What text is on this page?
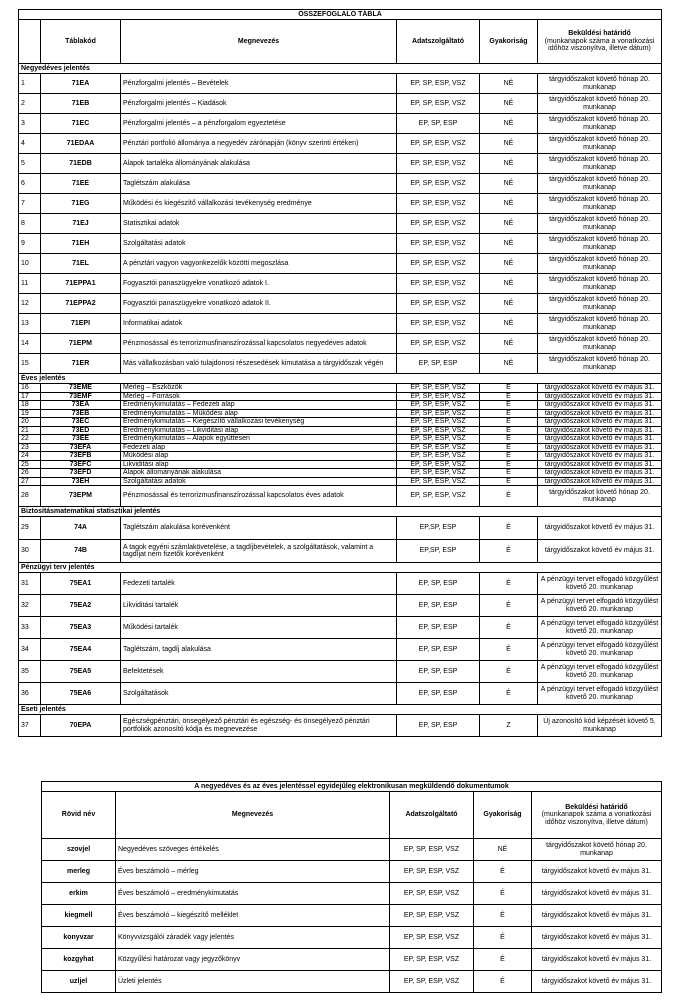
ÖSSZEFOGLALÓ TÁBLA					
	Táblakód	Megnevezés	Adatszolgáltató	Gyakoriság	Beküldési határidő
(munkanapok száma a vonatkozási időhöz viszonyítva, illetve dátum)

Negyedéves jelentés					
1	71EA	Pénzforgalmi jelentés – Bevételek	EP, SP, ESP, VSZ	NÉ	tárgyidőszakot követő hónap 20. munkanap
2	71EB	Pénzforgalmi jelentés – Kiadások	EP, SP, ESP, VSZ	NÉ	tárgyidőszakot követő hónap 20. munkanap
3	71EC	Pénzforgalmi jelentés – a pénzforgalom egyeztetése	EP, SP, ESP	NÉ	tárgyidőszakot követő hónap 20. munkanap
4	71EDAA	Pénztári portfolió állománya a negyedév zárónapján (könyv szerinti értéken)	EP, SP, ESP, VSZ	NÉ	tárgyidőszakot követő hónap 20. munkanap
5	71EDB	Alapok tartaléka állományának alakulása	EP, SP, ESP, VSZ	NÉ	tárgyidőszakot követő hónap 20. munkanap
6	71EE	Taglétszám alakulása	EP, SP, ESP, VSZ	NÉ	tárgyidőszakot követő hónap 20. munkanap
7	71EG	Működési és kiegészítő vállalkozási tevékenység eredménye	EP, SP, ESP, VSZ	NÉ	tárgyidőszakot követő hónap 20. munkanap
8	71EJ	Statisztikai adatok	EP, SP, ESP, VSZ	NÉ	tárgyidőszakot követő hónap 20. munkanap
9	71EH	Szolgáltatási adatok	EP, SP, ESP, VSZ	NÉ	tárgyidőszakot követő hónap 20. munkanap
10	71EL	A pénztári vagyon vagyonkezelők közötti megoszlása	EP, SP, ESP, VSZ	NÉ	tárgyidőszakot követő hónap 20. munkanap
11	71EPPA1	Fogyasztói panaszügyekre vonatkozó adatok I.	EP, SP, ESP, VSZ	NÉ	tárgyidőszakot követő hónap 20. munkanap
12	71EPPA2	Fogyasztói panaszügyekre vonatkozó adatok II.	EP, SP, ESP, VSZ	NÉ	tárgyidőszakot követő hónap 20. munkanap
13	71EPI	Informatikai adatok	EP, SP, ESP, VSZ	NÉ	tárgyidőszakot követő hónap 20. munkanap
14	71EPM	Pénzmosással és terrorizmusfinanszírozással kapcsolatos negyedéves adatok	EP, SP, ESP, VSZ	NÉ	tárgyidőszakot követő hónap 20. munkanap
15	71ER	Más vállalkozásban való tulajdonosi részesedések kimutatása a tárgyidőszak végén	EP, SP, ESP	NÉ	tárgyidőszakot követő hónap 20. munkanap
Éves jelentés					
16	73EME	Mérleg – Eszközök	EP, SP, ESP, VSZ	É	tárgyidőszakot követő év május 31.
17	73EMF	Mérleg – Források	EP, SP, ESP, VSZ	É	tárgyidőszakot követő év május 31.
18	73EA	Eredménykimutatás – Fedezeti alap	EP, SP, ESP, VSZ	É	tárgyidőszakot követő év május 31.
19	73EB	Eredménykimutatás – Működési alap	EP, SP, ESP, VSZ	É	tárgyidőszakot követő év május 31.
20	73EC	Eredménykimutatás – Kiegészítő vállalkozási tevékenység	EP, SP, ESP, VSZ	É	tárgyidőszakot követő év május 31.
21	73ED	Eredménykimutatás – Likviditási alap	EP, SP, ESP, VSZ	É	tárgyidőszakot követő év május 31.
22	73EE	Eredménykimutatás – Alapok együttesen	EP, SP, ESP, VSZ	É	tárgyidőszakot követő év május 31.
23	73EFA	Fedezeti alap	EP, SP, ESP, VSZ	É	tárgyidőszakot követő év május 31.
24	73EFB	Működési alap	EP, SP, ESP, VSZ	É	tárgyidőszakot követő év május 31.
25	73EFC	Likviditási alap	EP, SP, ESP, VSZ	É	tárgyidőszakot követő év május 31.
26	73EFD	Alapok állományának alakulása	EP, SP, ESP, VSZ	É	tárgyidőszakot követő év május 31.
27	73EH	Szolgáltatási adatok	EP, SP, ESP, VSZ	É	tárgyidőszakot követő év május 31.
28	73EPM	Pénzmosással és terrorizmusfinanszírozással kapcsolatos éves adatok	EP, SP, ESP, VSZ	É	tárgyidőszakot követő hónap 20. munkanap
Biztosításmatematikai statisztikai jelentés					
29	74A	Taglétszám alakulása korévenként	EP,SP, ESP	É	tárgyidőszakot követő év május 31.
30	74B	A tagok egyéni számlakövetelése, a tagdíjbevételek, a szolgáltatások, valamint a tagdíjat nem fizetők korévenként	EP,SP, ESP	É	tárgyidőszakot követő év május 31.
Pénzügyi terv jelentés					
31	75EA1	Fedezeti tartalék	EP, SP, ESP	É	A pénzügyi tervet elfogadó közgyűlést követő 20. munkanap
32	75EA2	Likviditási tartalék	EP, SP, ESP	É	A pénzügyi tervet elfogadó közgyűlést követő 20. munkanap
33	75EA3	Működési tartalék	EP, SP, ESP	É	A pénzügyi tervet elfogadó közgyűlést követő 20. munkanap
34	75EA4	Taglétszám, tagdíj alakulása	EP, SP, ESP	É	A pénzügyi tervet elfogadó közgyűlést követő 20. munkanap
35	75EA5	Befektetések	EP, SP, ESP	É	A pénzügyi tervet elfogadó közgyűlést követő 20. munkanap
36	75EA6	Szolgáltatások	EP, SP, ESP	É	A pénzügyi tervet elfogadó közgyűlést követő 20. munkanap
Eseti jelentés					
37	70EPA	Egészségpénztári, önsegélyező pénztári és egészség- és önsegélyező pénztári portfoliók azonosító kódja és megnevezése	EP, SP, ESP	Z	Új azonosító kód képzését követő 5. munkanap
A negyedéves és az éves jelentéssel egyidejűleg elektronikusan megküldendő dokumentumok				
Rövid név	Megnevezés	Adatszolgáltató	Gyakoriság	Beküldési határidő
(munkanapok száma a vonatkozási időhöz viszonyítva, illetve dátum)

szovjel	Negyedéves szöveges értékelés	EP, SP, ESP, VSZ	NÉ	tárgyidőszakot követő hónap 20. munkanap
merleg	Éves beszámoló – mérleg	EP, SP, ESP, VSZ	É	tárgyidőszakot követő év május 31.
erkim	Éves beszámoló – eredménykimutatás	EP, SP, ESP, VSZ	É	tárgyidőszakot követő év május 31.
kiegmell	Éves beszámoló – kiegészítő melléklet	EP, SP, ESP, VSZ	É	tárgyidőszakot követő év május 31.
konyvzar	Könyvvizsgálói záradék vagy jelentés	EP, SP, ESP, VSZ	É	tárgyidőszakot követő év május 31.
kozgyhat	Közgyűlési határozat vagy jegyzőkönyv	EP, SP, ESP, VSZ	É	tárgyidőszakot követő év május 31.
uzljel	Üzleti jelentés	EP, SP, ESP, VSZ	É	tárgyidőszakot követő év május 31.
